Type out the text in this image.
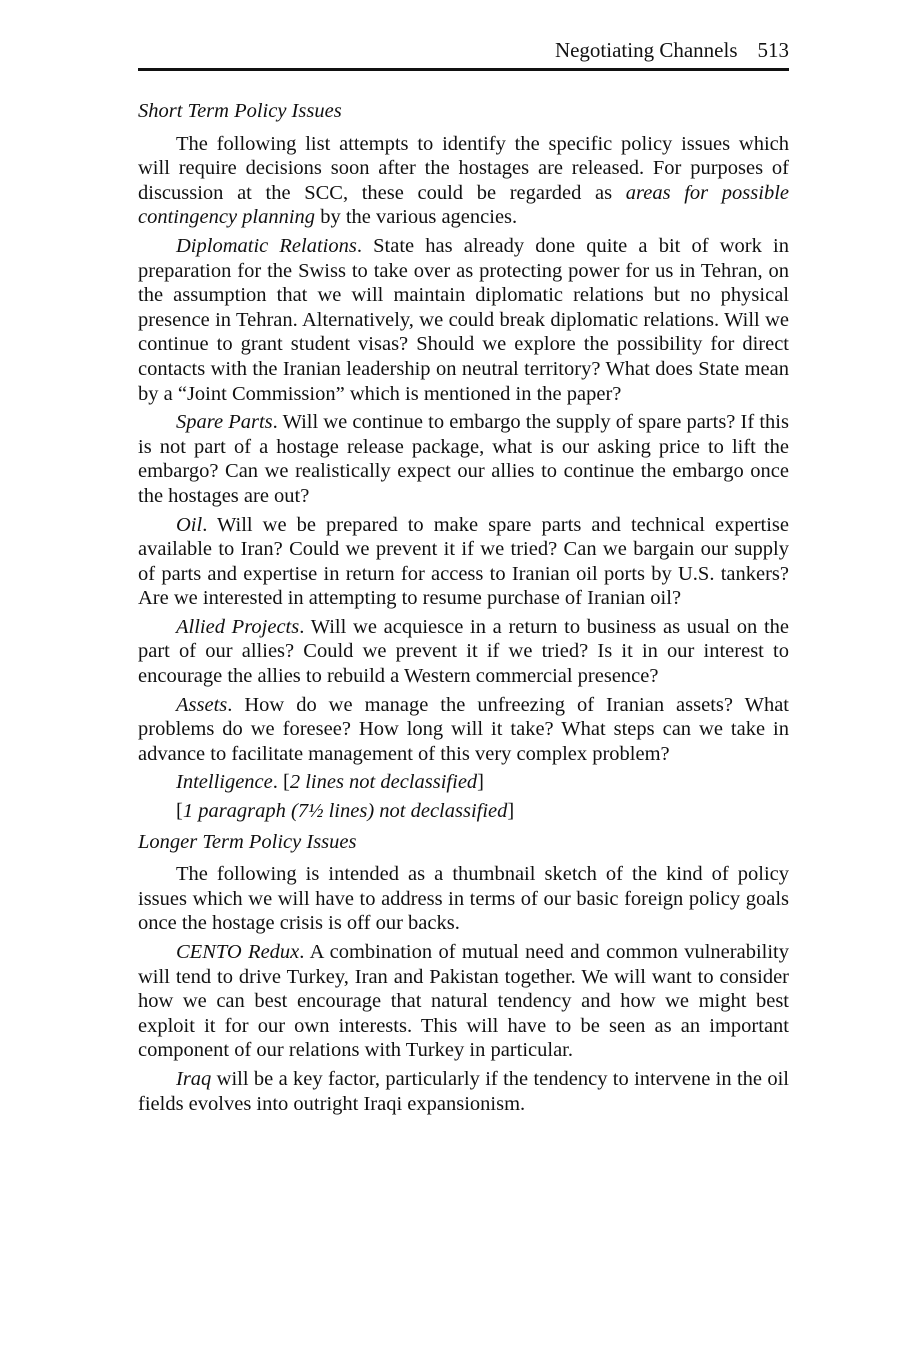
Negotiating Channels 513
Short Term Policy Issues

The following list attempts to identify the specific policy issues which will require decisions soon after the hostages are released. For purposes of discussion at the SCC, these could be regarded as areas for possible contingency planning by the various agencies.

Diplomatic Relations. State has already done quite a bit of work in preparation for the Swiss to take over as protecting power for us in Tehran, on the assumption that we will maintain diplomatic relations but no physical presence in Tehran. Alternatively, we could break diplomatic relations. Will we continue to grant student visas? Should we explore the possibility for direct contacts with the Iranian leadership on neutral territory? What does State mean by a “Joint Commission” which is mentioned in the paper?

Spare Parts. Will we continue to embargo the supply of spare parts? If this is not part of a hostage release package, what is our asking price to lift the embargo? Can we realistically expect our allies to continue the embargo once the hostages are out?

Oil. Will we be prepared to make spare parts and technical expertise available to Iran? Could we prevent it if we tried? Can we bargain our supply of parts and expertise in return for access to Iranian oil ports by U.S. tankers? Are we interested in attempting to resume purchase of Iranian oil?

Allied Projects. Will we acquiesce in a return to business as usual on the part of our allies? Could we prevent it if we tried? Is it in our interest to encourage the allies to rebuild a Western commercial presence?

Assets. How do we manage the unfreezing of Iranian assets? What problems do we foresee? How long will it take? What steps can we take in advance to facilitate management of this very complex problem?

Intelligence. [2 lines not declassified]

[1 paragraph (7½ lines) not declassified]

Longer Term Policy Issues

The following is intended as a thumbnail sketch of the kind of policy issues which we will have to address in terms of our basic foreign policy goals once the hostage crisis is off our backs.

CENTO Redux. A combination of mutual need and common vulnerability will tend to drive Turkey, Iran and Pakistan together. We will want to consider how we can best encourage that natural tendency and how we might best exploit it for our own interests. This will have to be seen as an important component of our relations with Turkey in particular.

Iraq will be a key factor, particularly if the tendency to intervene in the oil fields evolves into outright Iraqi expansionism.
